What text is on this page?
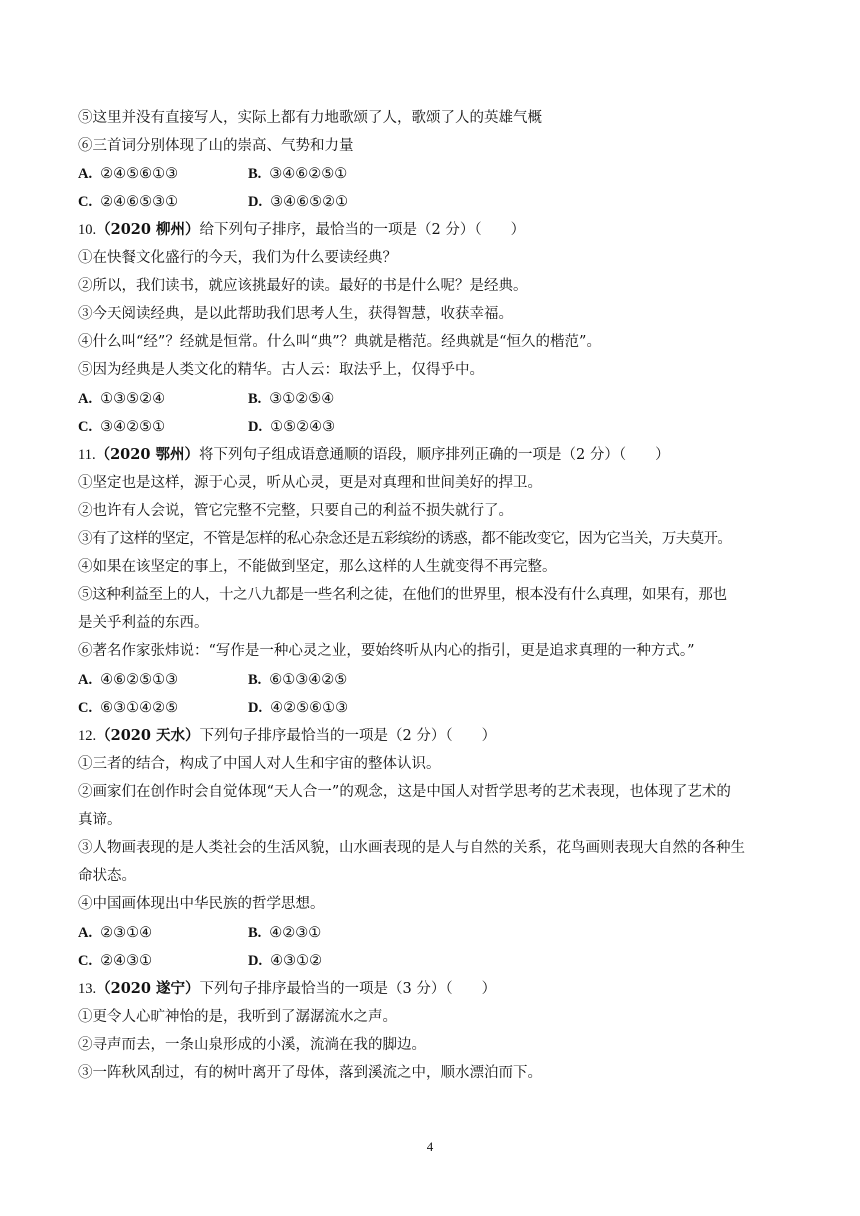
⑤这里并没有直接写人，实际上都有力地歌颂了人，歌颂了人的英雄气概
⑥三首词分别体现了山的崇高、气势和力量
A. ②④⑤⑥①③	B. ③④⑥②⑤①
C. ②④⑥⑤③①	D. ③④⑥⑤②①
10.（2020 柳州）给下列句子排序，最恰当的一项是（2 分）（　　）
①在快餐文化盛行的今天，我们为什么要读经典？
②所以，我们读书，就应该挑最好的读。最好的书是什么呢？是经典。
③今天阅读经典，是以此帮助我们思考人生，获得智慧，收获幸福。
④什么叫“经”？经就是恒常。什么叫“典”？典就是楷范。经典就是“恒久的楷范”。
⑤因为经典是人类文化的精华。古人云：取法乎上，仅得乎中。
A. ①③⑤②④	B. ③①②⑤④
C. ③④②⑤①	D. ①⑤②④③
11.（2020 鄂州）将下列句子组成语意通顺的语段，顺序排列正确的一项是（2 分）（　　）
①坚定也是这样，源于心灵，听从心灵，更是对真理和世间美好的捍卫。
②也许有人会说，管它完整不完整，只要自己的利益不损失就行了。
③有了这样的坚定，不管是怎样的私心杂念还是五彩缤纷的诱惑，都不能改变它，因为它当关，万夫莫开。
④如果在该坚定的事上，不能做到坚定，那么这样的人生就变得不再完整。
⑤这种利益至上的人，十之八九都是一些名利之徒，在他们的世界里，根本没有什么真理，如果有，那也
是关乎利益的东西。
⑥著名作家张炜说：“写作是一种心灵之业，要始终听从内心的指引，更是追求真理的一种方式。”
A. ④⑥②⑤①③	B. ⑥①③④②⑤
C. ⑥③①④②⑤	D. ④②⑤⑥①③
12.（2020 天水）下列句子排序最恰当的一项是（2 分）（　　）
①三者的结合，构成了中国人对人生和宇宙的整体认识。
②画家们在创作时会自觉体现“天人合一”的观念，这是中国人对哲学思考的艺术表现，也体现了艺术的
真谛。
③人物画表现的是人类社会的生活风貌，山水画表现的是人与自然的关系，花鸟画则表现大自然的各种生
命状态。
④中国画体现出中华民族的哲学思想。
A. ②③①④	B. ④②③①
C. ②④③①	D. ④③①②
13.（2020 遂宁）下列句子排序最恰当的一项是（3 分）（　　）
①更令人心旷神怡的是，我听到了潺潺流水之声。
②寻声而去，一条山泉形成的小溪，流淌在我的脚边。
③一阵秋风刮过，有的树叶离开了母体，落到溪流之中，顺水漂泊而下。
4
